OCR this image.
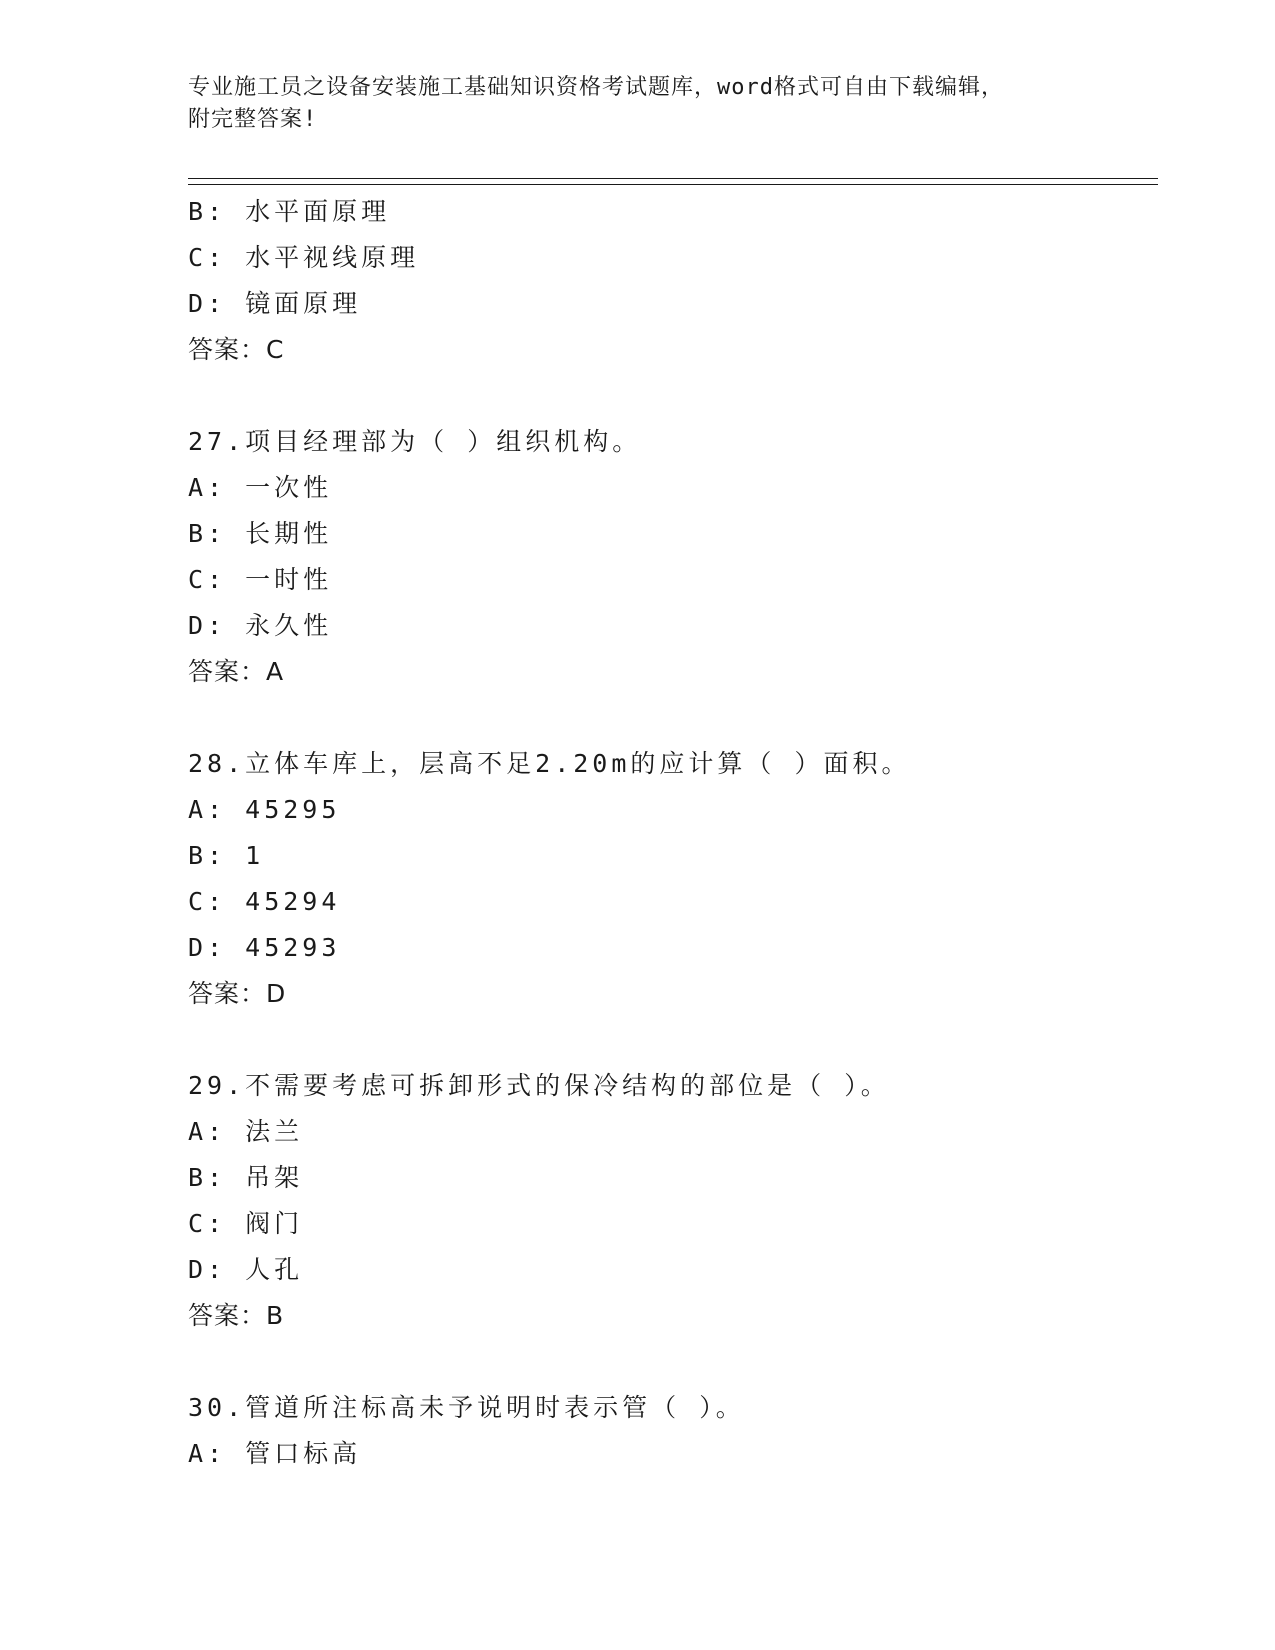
专业施工员之设备安装施工基础知识资格考试题库，word格式可自由下载编辑，
附完整答案!
B: 水平面原理
C: 水平视线原理
D: 镜面原理
答案：C
27.项目经理部为（ ）组织机构。
A: 一次性
B: 长期性
C: 一时性
D: 永久性
答案：A
28.立体车库上，层高不足2.20m的应计算（ ）面积。
A: 45295
B: 1
C: 45294
D: 45293
答案：D
29.不需要考虑可拆卸形式的保冷结构的部位是（ ）。
A: 法兰
B: 吊架
C: 阀门
D: 人孔
答案：B
30.管道所注标高未予说明时表示管（ ）。
A: 管口标高
